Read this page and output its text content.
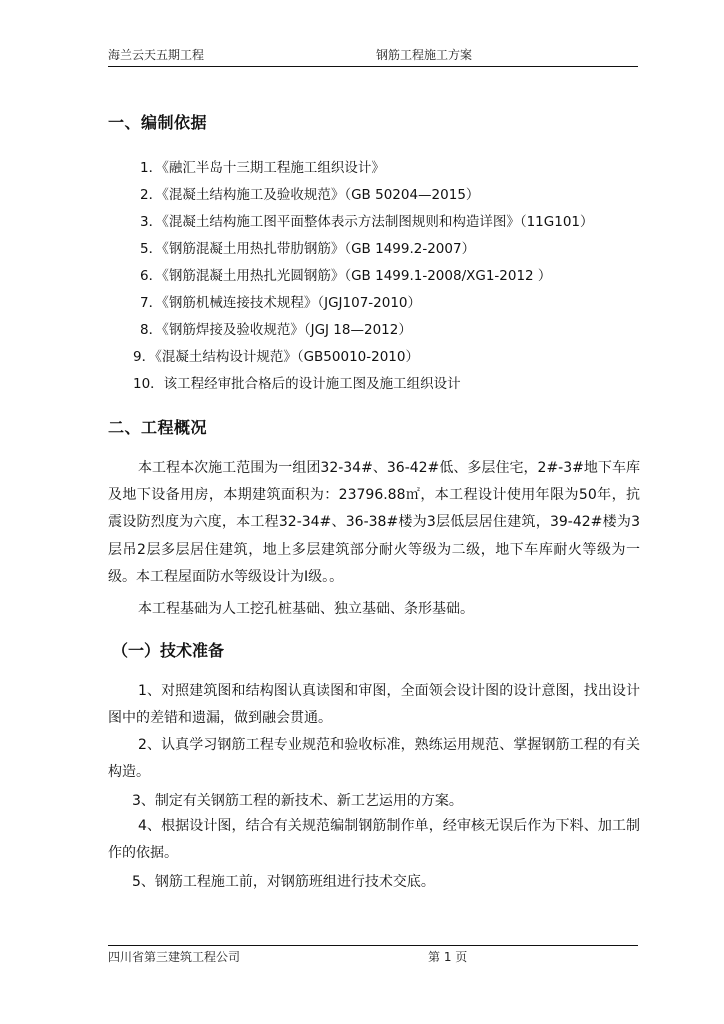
海兰云天五期工程	钢筋工程施工方案
一、编制依据
1．《融汇半岛十三期工程施工组织设计》
2．《混凝土结构施工及验收规范》（GB 50204—2015）
3．《混凝土结构施工图平面整体表示方法制图规则和构造详图》（11G101）
5．《钢筋混凝土用热扎带肋钢筋》（GB 1499.2-2007）
6．《钢筋混凝土用热扎光圆钢筋》（GB 1499.1-2008/XG1-2012 ）
7．《钢筋机械连接技术规程》（JGJ107-2010）
8．《钢筋焊接及验收规范》（JGJ 18—2012）
9．《混凝土结构设计规范》（GB50010-2010）
10．该工程经审批合格后的设计施工图及施工组织设计
二、工程概况

本工程本次施工范围为一组团32-34#、36-42#低、多层住宅，2#-3#地下车库及地下设备用房，本期建筑面积为：23796.88㎡，本工程设计使用年限为50年，抗震设防烈度为六度，本工程32-34#、36-38#楼为3层低层居住建筑，39-42#楼为3层吊2层多层居住建筑，地上多层建筑部分耐火等级为二级，地下车库耐火等级为一级。本工程屋面防水等级设计为Ⅰ级。。

本工程基础为人工挖孔桩基础、独立基础、条形基础。
（一）技术准备

1、对照建筑图和结构图认真读图和审图，全面领会设计图的设计意图，找出设计图中的差错和遗漏，做到融会贯通。

2、认真学习钢筋工程专业规范和验收标准，熟练运用规范、掌握钢筋工程的有关构造。

3、制定有关钢筋工程的新技术、新工艺运用的方案。

4、根据设计图，结合有关规范编制钢筋制作单，经审核无误后作为下料、加工制作的依据。

5、钢筋工程施工前，对钢筋班组进行技术交底。
四川省第三建筑工程公司	第 1 页
